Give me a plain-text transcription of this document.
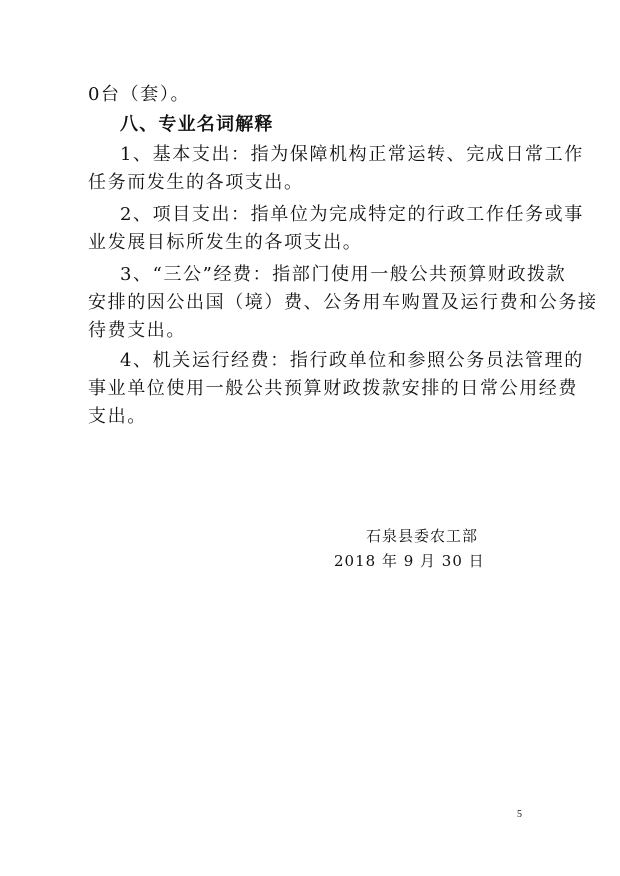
0台（套）。
八、专业名词解释
1、基本支出：指为保障机构正常运转、完成日常工作
任务而发生的各项支出。
2、项目支出：指单位为完成特定的行政工作任务或事
业发展目标所发生的各项支出。
3、“三公”经费：指部门使用一般公共预算财政拨款
安排的因公出国（境）费、公务用车购置及运行费和公务接
待费支出。
4、机关运行经费：指行政单位和参照公务员法管理的
事业单位使用一般公共预算财政拨款安排的日常公用经费
支出。
石泉县委农工部
2018 年 9 月 30 日
5
